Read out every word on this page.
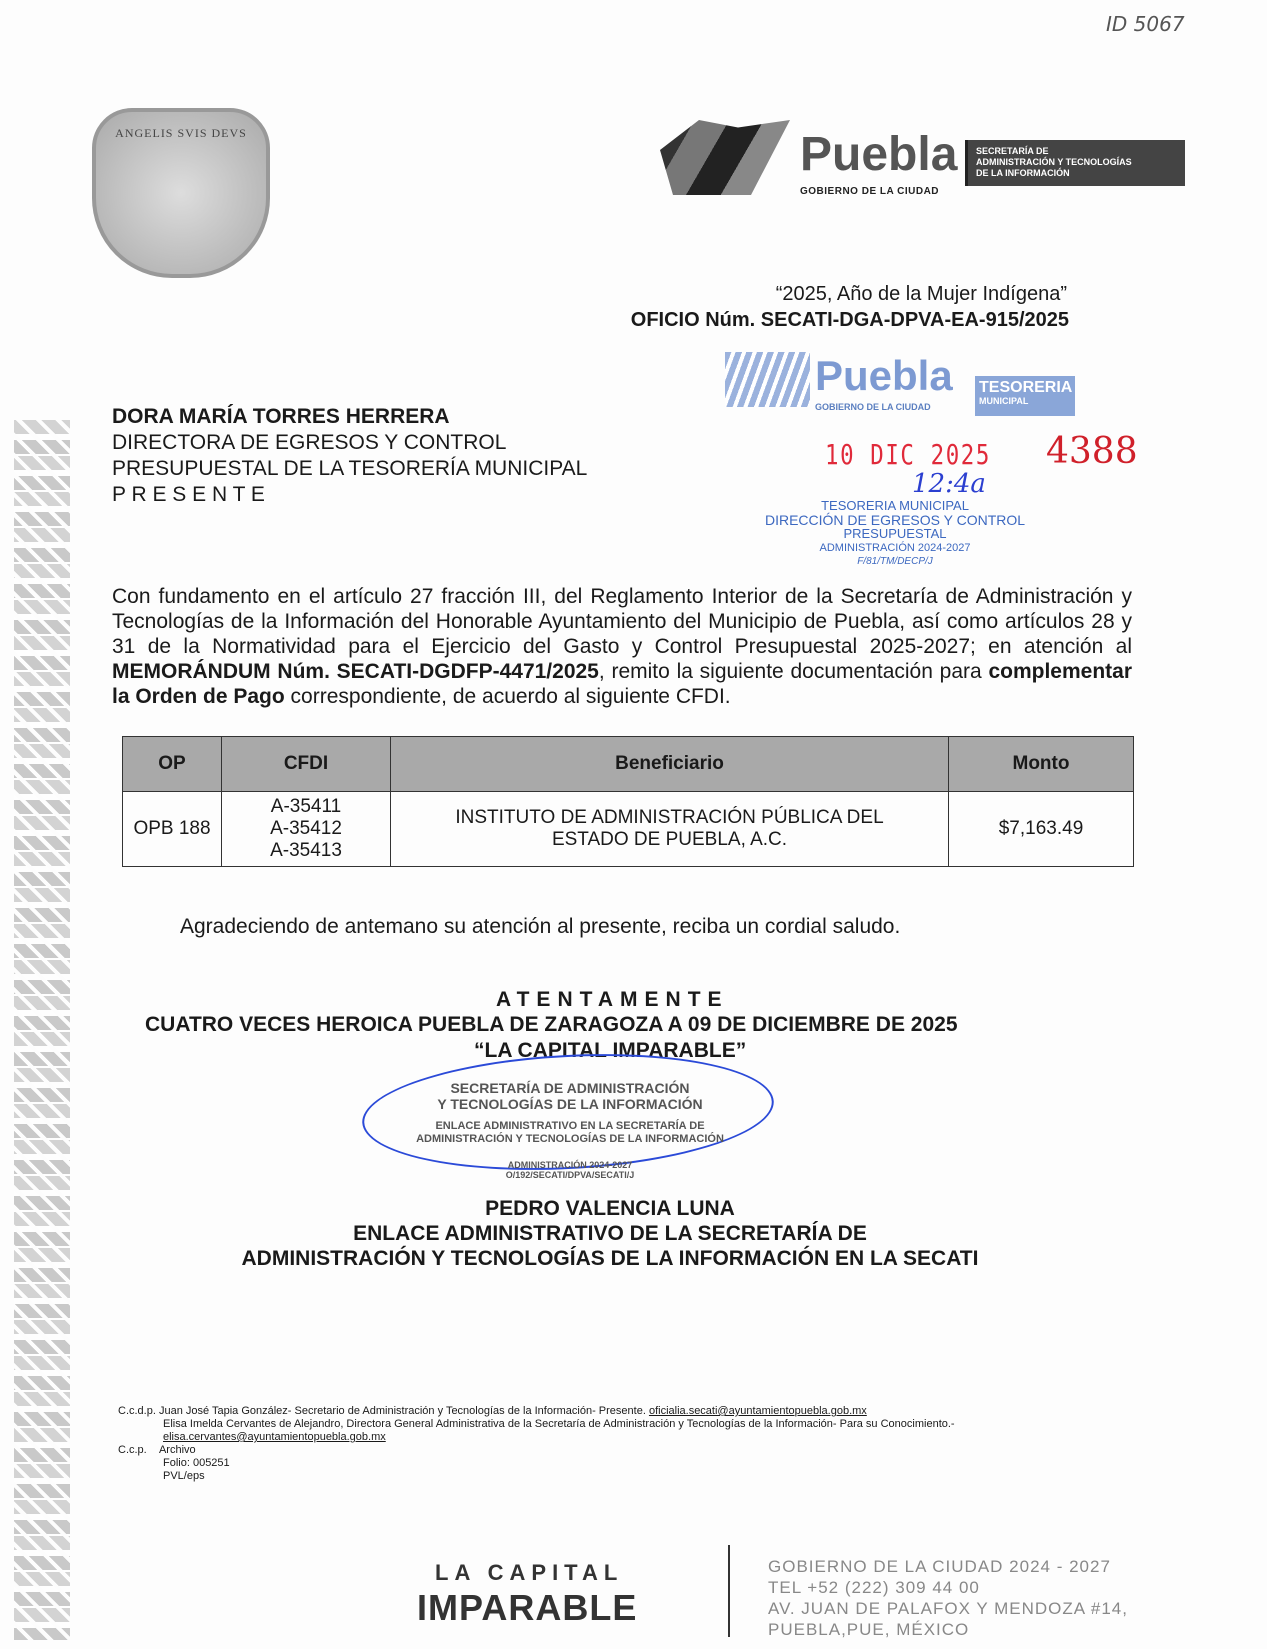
ID 5067
ANGELIS SVIS DEVS	Puebla
GOBIERNO DE LA CIUDAD
SECRETARÍA DE
ADMINISTRACIÓN Y TECNOLOGÍAS
DE LA INFORMACIÓN
“2025, Año de la Mujer Indígena”
OFICIO Núm. SECATI-DGA-DPVA-EA-915/2025
DORA MARÍA TORRES HERRERA
DIRECTORA DE EGRESOS Y CONTROL
PRESUPUESTAL DE LA TESORERÍA MUNICIPAL
P R E S E N T E
Puebla
GOBIERNO DE LA CIUDAD
TESORERIA
MUNICIPAL
10 DIC 2025 4388
12:4a
TESORERIA MUNICIPAL
DIRECCIÓN DE EGRESOS Y CONTROL
PRESUPUESTAL
ADMINISTRACIÓN 2024-2027
F/81/TM/DECP/J
Con fundamento en el artículo 27 fracción III, del Reglamento Interior de la Secretaría de Administración y Tecnologías de la Información del Honorable Ayuntamiento del Municipio de Puebla, así como artículos 28 y 31 de la Normatividad para el Ejercicio del Gasto y Control Presupuestal 2025-2027; en atención al MEMORÁNDUM Núm. SECATI-DGDFP-4471/2025, remito la siguiente documentación para complementar la Orden de Pago correspondiente, de acuerdo al siguiente CFDI.
OP	CFDI	Beneficiario	Monto
OPB 188	A-35411
A-35412
A-35413	INSTITUTO DE ADMINISTRACIÓN PÚBLICA DEL ESTADO DE PUEBLA, A.C.	$7,163.49
Agradeciendo de antemano su atención al presente, reciba un cordial saludo.
ATENTAMENTE
CUATRO VECES HEROICA PUEBLA DE ZARAGOZA A 09 DE DICIEMBRE DE 2025
“LA CAPITAL IMPARABLE”
SECRETARÍA DE ADMINISTRACIÓN
Y TECNOLOGÍAS DE LA INFORMACIÓN
ENLACE ADMINISTRATIVO EN LA SECRETARÍA DE
ADMINISTRACIÓN Y TECNOLOGÍAS DE LA INFORMACIÓN
ADMINISTRACIÓN 2024-2027
O/192/SECATI/DPVA/SECATI/J
PEDRO VALENCIA LUNA
ENLACE ADMINISTRATIVO DE LA SECRETARÍA DE
ADMINISTRACIÓN Y TECNOLOGÍAS DE LA INFORMACIÓN EN LA SECATI
C.c.d.p. Juan José Tapia González- Secretario de Administración y Tecnologías de la Información- Presente. oficialia.secati@ayuntamientopuebla.gob.mx
Elisa Imelda Cervantes de Alejandro, Directora General Administrativa de la Secretaría de Administración y Tecnologías de la Información- Para su Conocimiento.-
elisa.cervantes@ayuntamientopuebla.gob.mx
C.c.p. Archivo
Folio: 005251
PVL/eps
LA CAPITAL
IMPARABLE
GOBIERNO DE LA CIUDAD 2024 - 2027
TEL +52 (222) 309 44 00
AV. JUAN DE PALAFOX Y MENDOZA #14,
PUEBLA,PUE, MÉXICO
